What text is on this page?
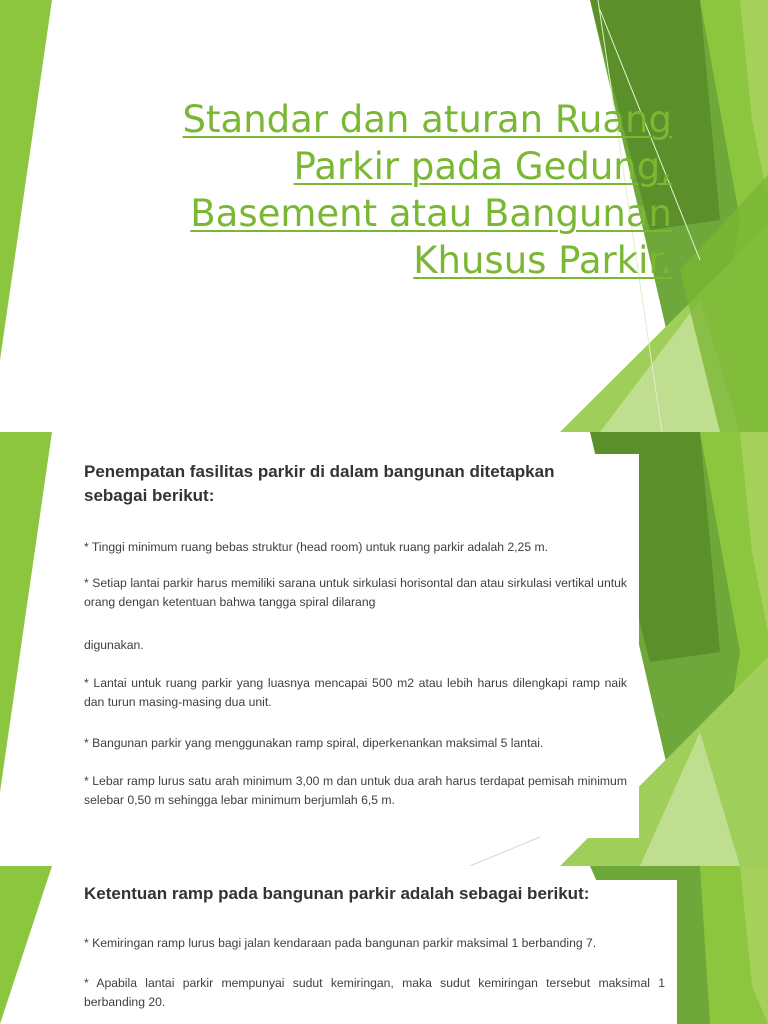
Standar dan aturan Ruang Parkir pada Gedung, Basement atau Bangunan Khusus Parkir.
Penempatan fasilitas parkir di dalam bangunan ditetapkan sebagai berikut:
* Tinggi minimum ruang bebas struktur (head room) untuk ruang parkir adalah 2,25 m.
* Setiap lantai parkir harus memiliki sarana untuk sirkulasi horisontal dan atau sirkulasi vertikal untuk orang dengan ketentuan bahwa tangga spiral dilarang
digunakan.
* Lantai untuk ruang parkir yang luasnya mencapai 500 m2 atau lebih harus dilengkapi ramp naik dan turun masing-masing dua unit.
* Bangunan parkir yang menggunakan ramp spiral, diperkenankan maksimal 5 lantai.
* Lebar ramp lurus satu arah minimum 3,00 m dan untuk dua arah harus terdapat pemisah minimum selebar 0,50 m sehingga lebar minimum berjumlah 6,5 m.
Ketentuan ramp pada bangunan parkir adalah sebagai berikut:
* Kemiringan ramp lurus bagi jalan kendaraan pada bangunan parkir maksimal 1 berbanding 7.
* Apabila lantai parkir mempunyai sudut kemiringan, maka sudut kemiringan tersebut maksimal 1 berbanding 20.
